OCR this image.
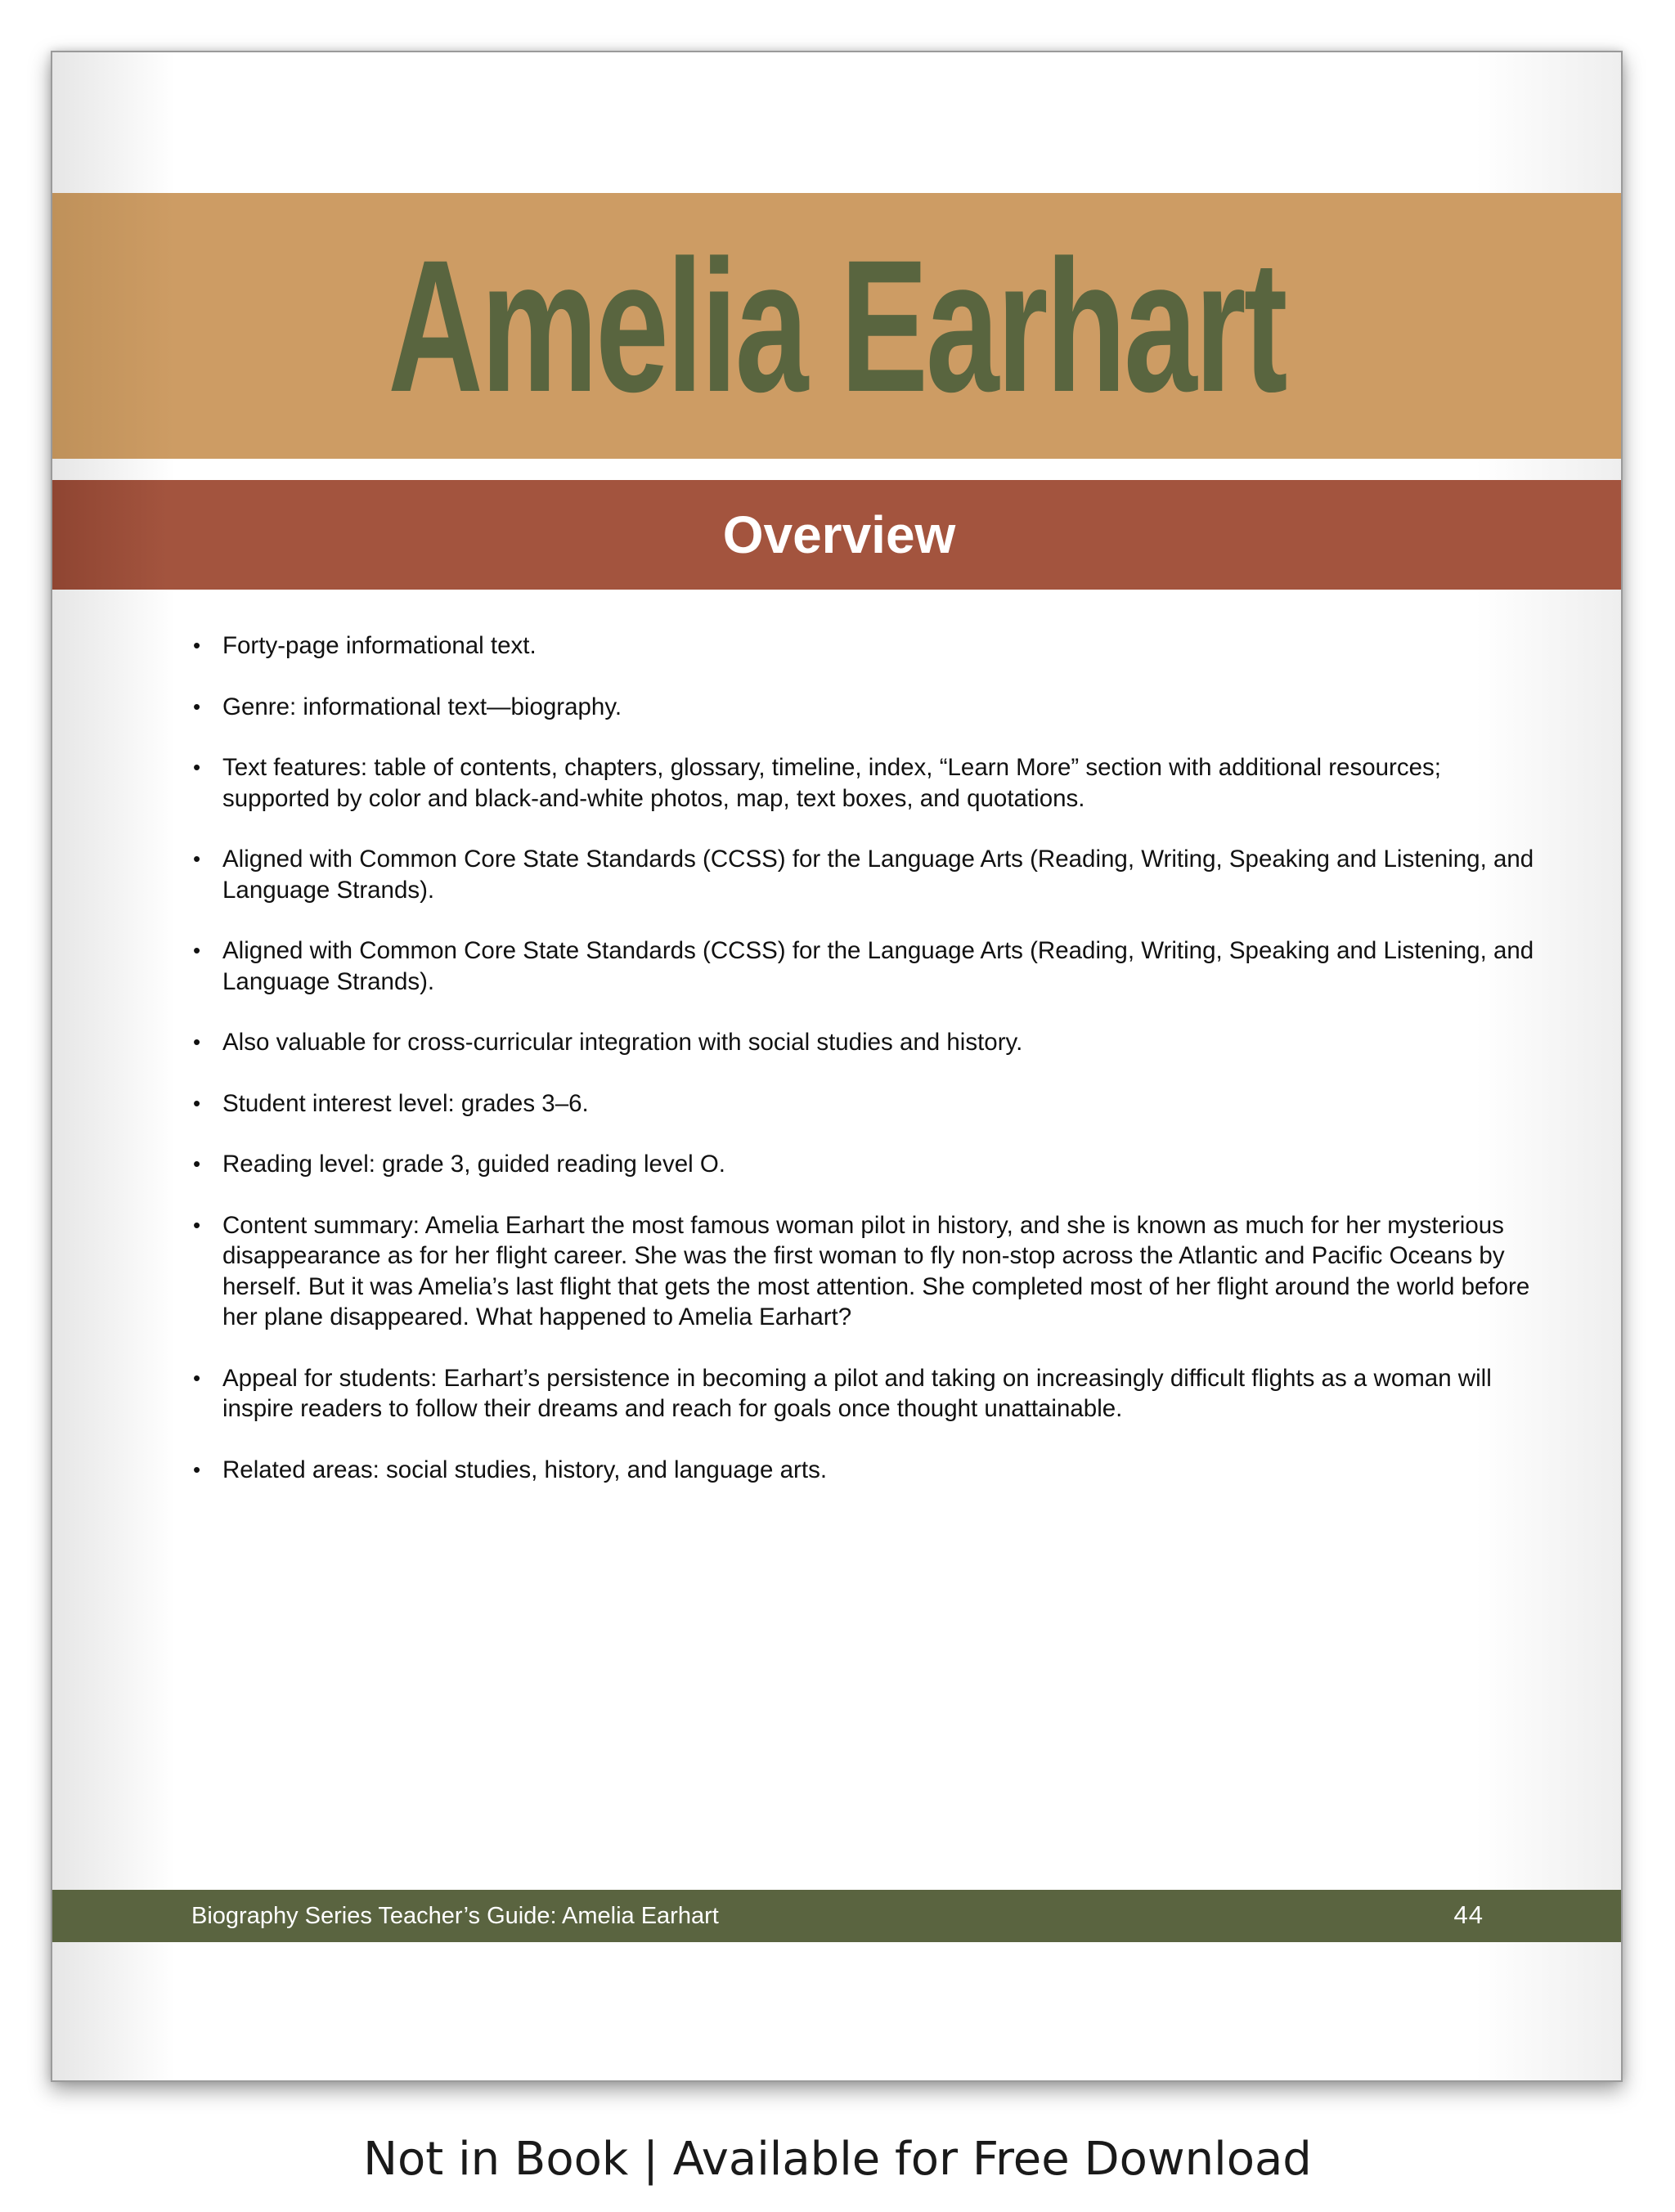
Amelia Earhart
Overview
• Forty-page informational text.
• Genre: informational text—biography.
• Text features: table of contents, chapters, glossary, timeline, index, “Learn More” section with additional resources; supported by color and black-and-white photos, map, text boxes, and quotations.
• Aligned with Common Core State Standards (CCSS) for the Language Arts (Reading, Writing, Speaking and Listening, and Language Strands).
• Aligned with Common Core State Standards (CCSS) for the Language Arts (Reading, Writing, Speaking and Listening, and Language Strands).
• Also valuable for cross-curricular integration with social studies and history.
• Student interest level: grades 3–6.
• Reading level: grade 3, guided reading level O.
• Content summary: Amelia Earhart the most famous woman pilot in history, and she is known as much for her mysterious disappearance as for her flight career. She was the first woman to fly non-stop across the Atlantic and Pacific Oceans by herself. But it was Amelia’s last flight that gets the most attention. She completed most of her flight around the world before her plane disappeared. What happened to Amelia Earhart?
• Appeal for students: Earhart’s persistence in becoming a pilot and taking on increasingly difficult flights as a woman will inspire readers to follow their dreams and reach for goals once thought unattainable.
• Related areas: social studies, history, and language arts.
Biography Series Teacher’s Guide: Amelia Earhart	44
Not in Book | Available for Free Download
